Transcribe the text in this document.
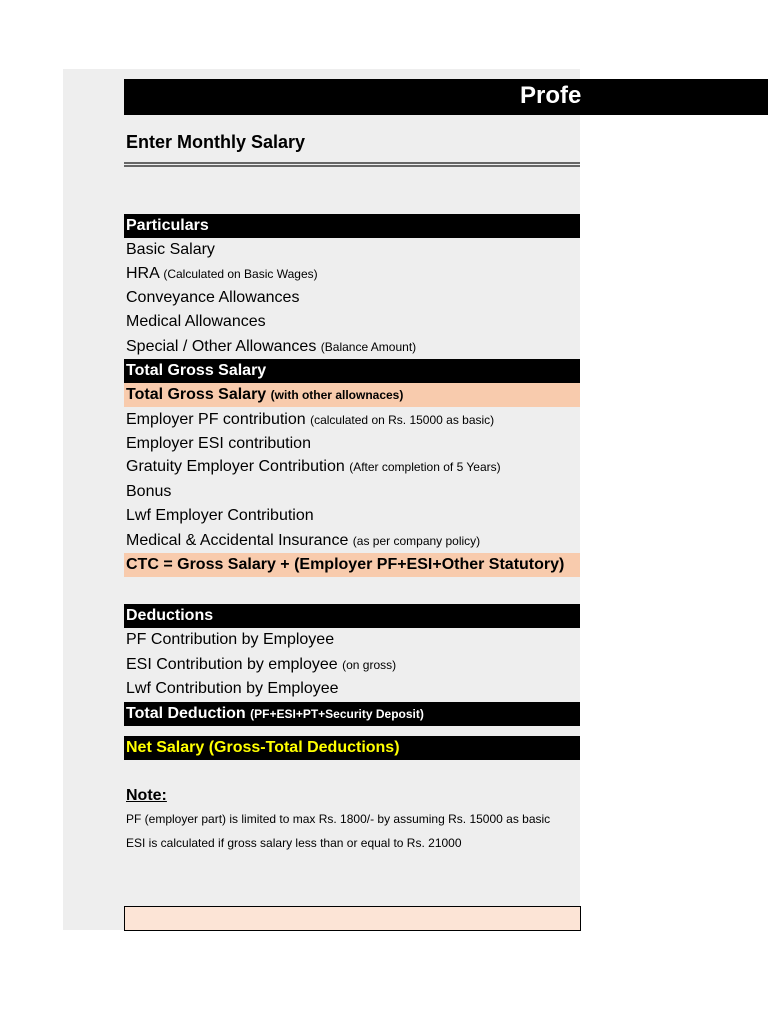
Profe
Enter Monthly Salary
Particulars
Basic Salary
HRA (Calculated on Basic Wages)
Conveyance Allowances
Medical Allowances
Special / Other Allowances (Balance Amount)
Total Gross Salary
Total Gross Salary (with other allownaces)
Employer PF contribution (calculated on Rs. 15000 as basic)
Employer ESI contribution
Gratuity Employer Contribution (After completion of 5 Years)
Bonus
Lwf Employer Contribution
Medical & Accidental Insurance (as per company policy)
CTC = Gross Salary + (Employer PF+ESI+Other Statutory)
Deductions
PF Contribution by Employee
ESI Contribution by employee (on gross)
Lwf Contribution by Employee
Total Deduction (PF+ESI+PT+Security Deposit)
Net Salary (Gross-Total Deductions)
Note:
PF (employer part) is limited to max Rs. 1800/- by assuming Rs. 15000 as basic
ESI is calculated if gross salary less than or equal to Rs. 21000
